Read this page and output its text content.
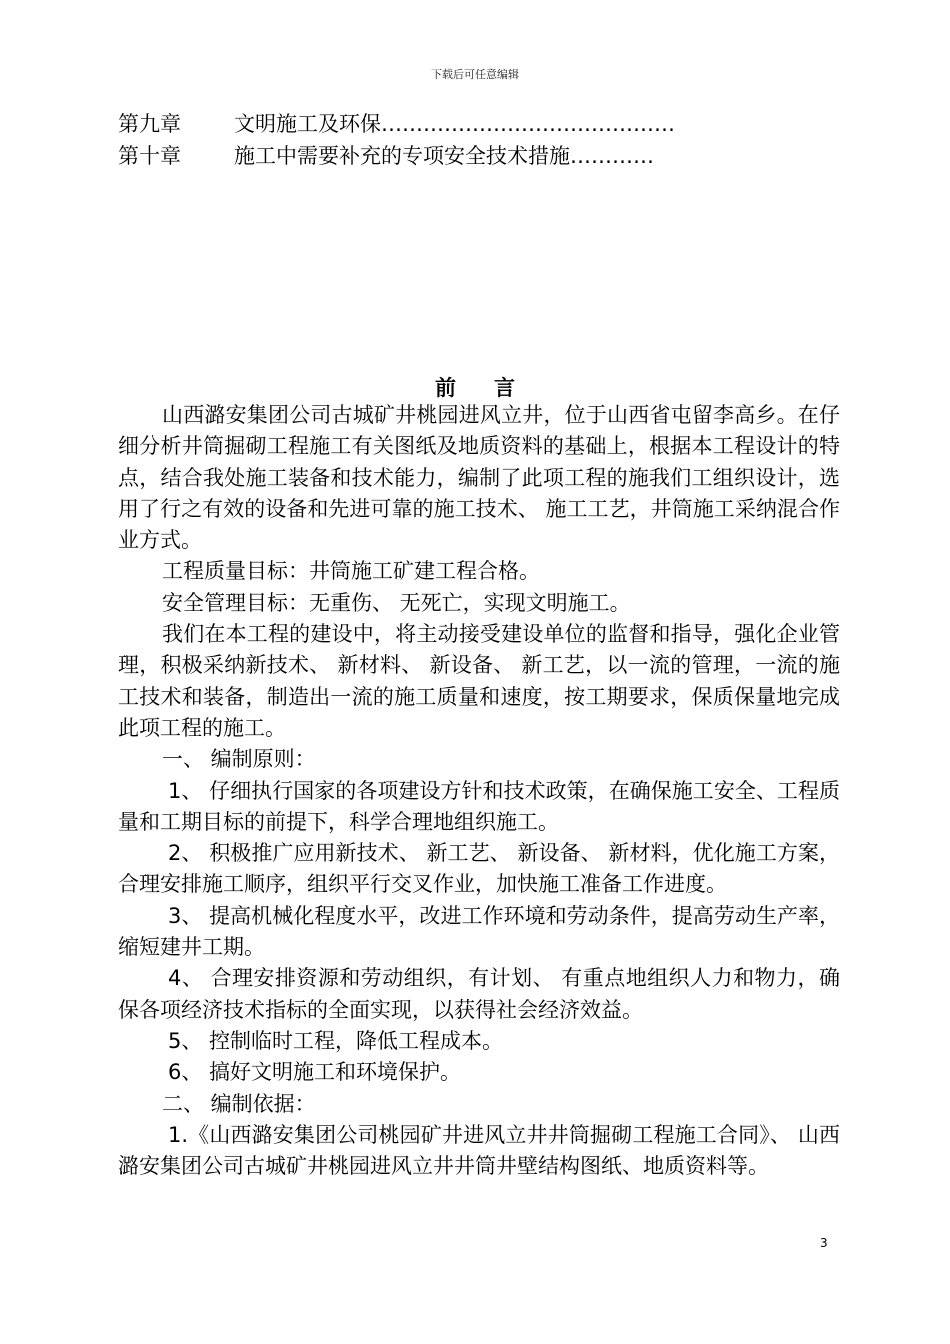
下载后可任意编辑
第九章	文明施工及环保……………………………………
第十章	施工中需要补充的专项安全技术措施…………
前言

山西潞安集团公司古城矿井桃园进风立井，位于山西省屯留李高乡。在仔细分析井筒掘砌工程施工有关图纸及地质资料的基础上，根据本工程设计的特点，结合我处施工装备和技术能力，编制了此项工程的施我们工组织设计，选用了行之有效的设备和先进可靠的施工技术、 施工工艺，井筒施工采纳混合作业方式。

工程质量目标：井筒施工矿建工程合格。

安全管理目标：无重伤、 无死亡，实现文明施工。

我们在本工程的建设中，将主动接受建设单位的监督和指导，强化企业管理，积极采纳新技术、 新材料、 新设备、 新工艺，以一流的管理，一流的施工技术和装备，制造出一流的施工质量和速度，按工期要求，保质保量地完成此项工程的施工。

一、 编制原则：

1、 仔细执行国家的各项建设方针和技术政策，在确保施工安全、工程质量和工期目标的前提下，科学合理地组织施工。

2、 积极推广应用新技术、 新工艺、 新设备、 新材料，优化施工方案，合理安排施工顺序，组织平行交叉作业，加快施工准备工作进度。

3、 提高机械化程度水平，改进工作环境和劳动条件，提高劳动生产率，缩短建井工期。

4、 合理安排资源和劳动组织，有计划、 有重点地组织人力和物力，确保各项经济技术指标的全面实现，以获得社会经济效益。

5、 控制临时工程，降低工程成本。

6、 搞好文明施工和环境保护。

二、 编制依据：

1.《山西潞安集团公司桃园矿井进风立井井筒掘砌工程施工合同》、 山西潞安集团公司古城矿井桃园进风立井井筒井壁结构图纸、地质资料等。

3
